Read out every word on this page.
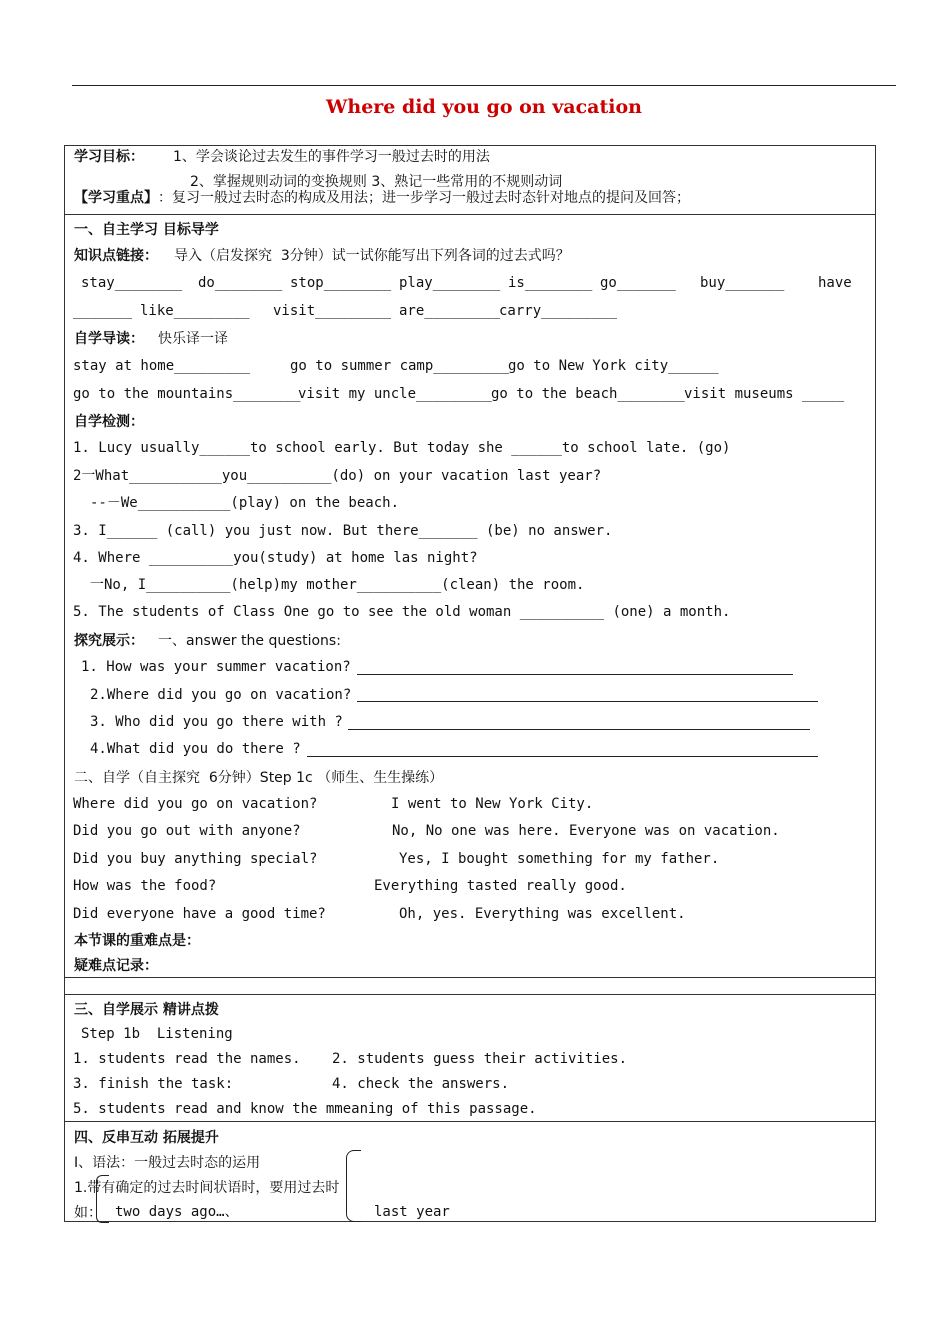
Where did you go on vacation
学习目标： 1、学会谈论过去发生的事件学习一般过去时的用法
2、掌握规则动词的变换规则 3、熟记一些常用的不规则动词
【学习重点】 ：复习一般过去时态的构成及用法；进一步学习一般过去时态针对地点的提问及回答；
一、自主学习 目标导学
知识点链接： 导入（启发探究  3分钟）试一试你能写出下列各词的过去式吗？
stay________ do________ stop________ play________ is________ go_______ buy_______ have
_______ like_________ visit_________ are_________
carry_________
自学导读： 快乐译一译
stay at home_________	go to summer camp_________
go to New York city______
go to the mountains________
visit my uncle_________ go to the beach________ visit museums _____
自学检测：
1. Lucy usually______to school early. But today she ______to school late. (go)
2一What___________you__________(do) on your vacation last year?
--－We___________(play) on the beach.
3. I______ (call) you just now. But there_______ (be) no answer.
4. Where __________you(study) at home las night?
一No, I__________(help)my mother__________(clean) the room.
5. The students of Class One go to see the old woman __________ (one) a month.
探究展示： 一、answer the questions:
1. How was your summer vacation?
2.Where did you go on vacation?
3. Who did you go there with ?
4.What did you do there ?
二、自学（自主探究  6分钟）Step 1c （师生、生生操练）
Where did you go on vacation?	I went to New York City.
Did you go out with anyone?	No, No one was here. Everyone was on vacation.
Did you buy anything special?	Yes, I bought something for my father.
How was the food?	Everything tasted really good.
Did everyone have a good time?	Oh, yes. Everything was excellent.
本节课的重难点是：
疑难点记录：
三、自学展示 精讲点拨
Step 1b  Listening
1. students read the names. 2. students guess their activities.
3. finish the task:	4. check the answers.
5. students read and know the mmeaning of this passage.
四、反串互动 拓展提升
I、语法：一般过去时态的运用
1.带有确定的过去时间状语时，要用过去时
如： two days ago…、	last year
